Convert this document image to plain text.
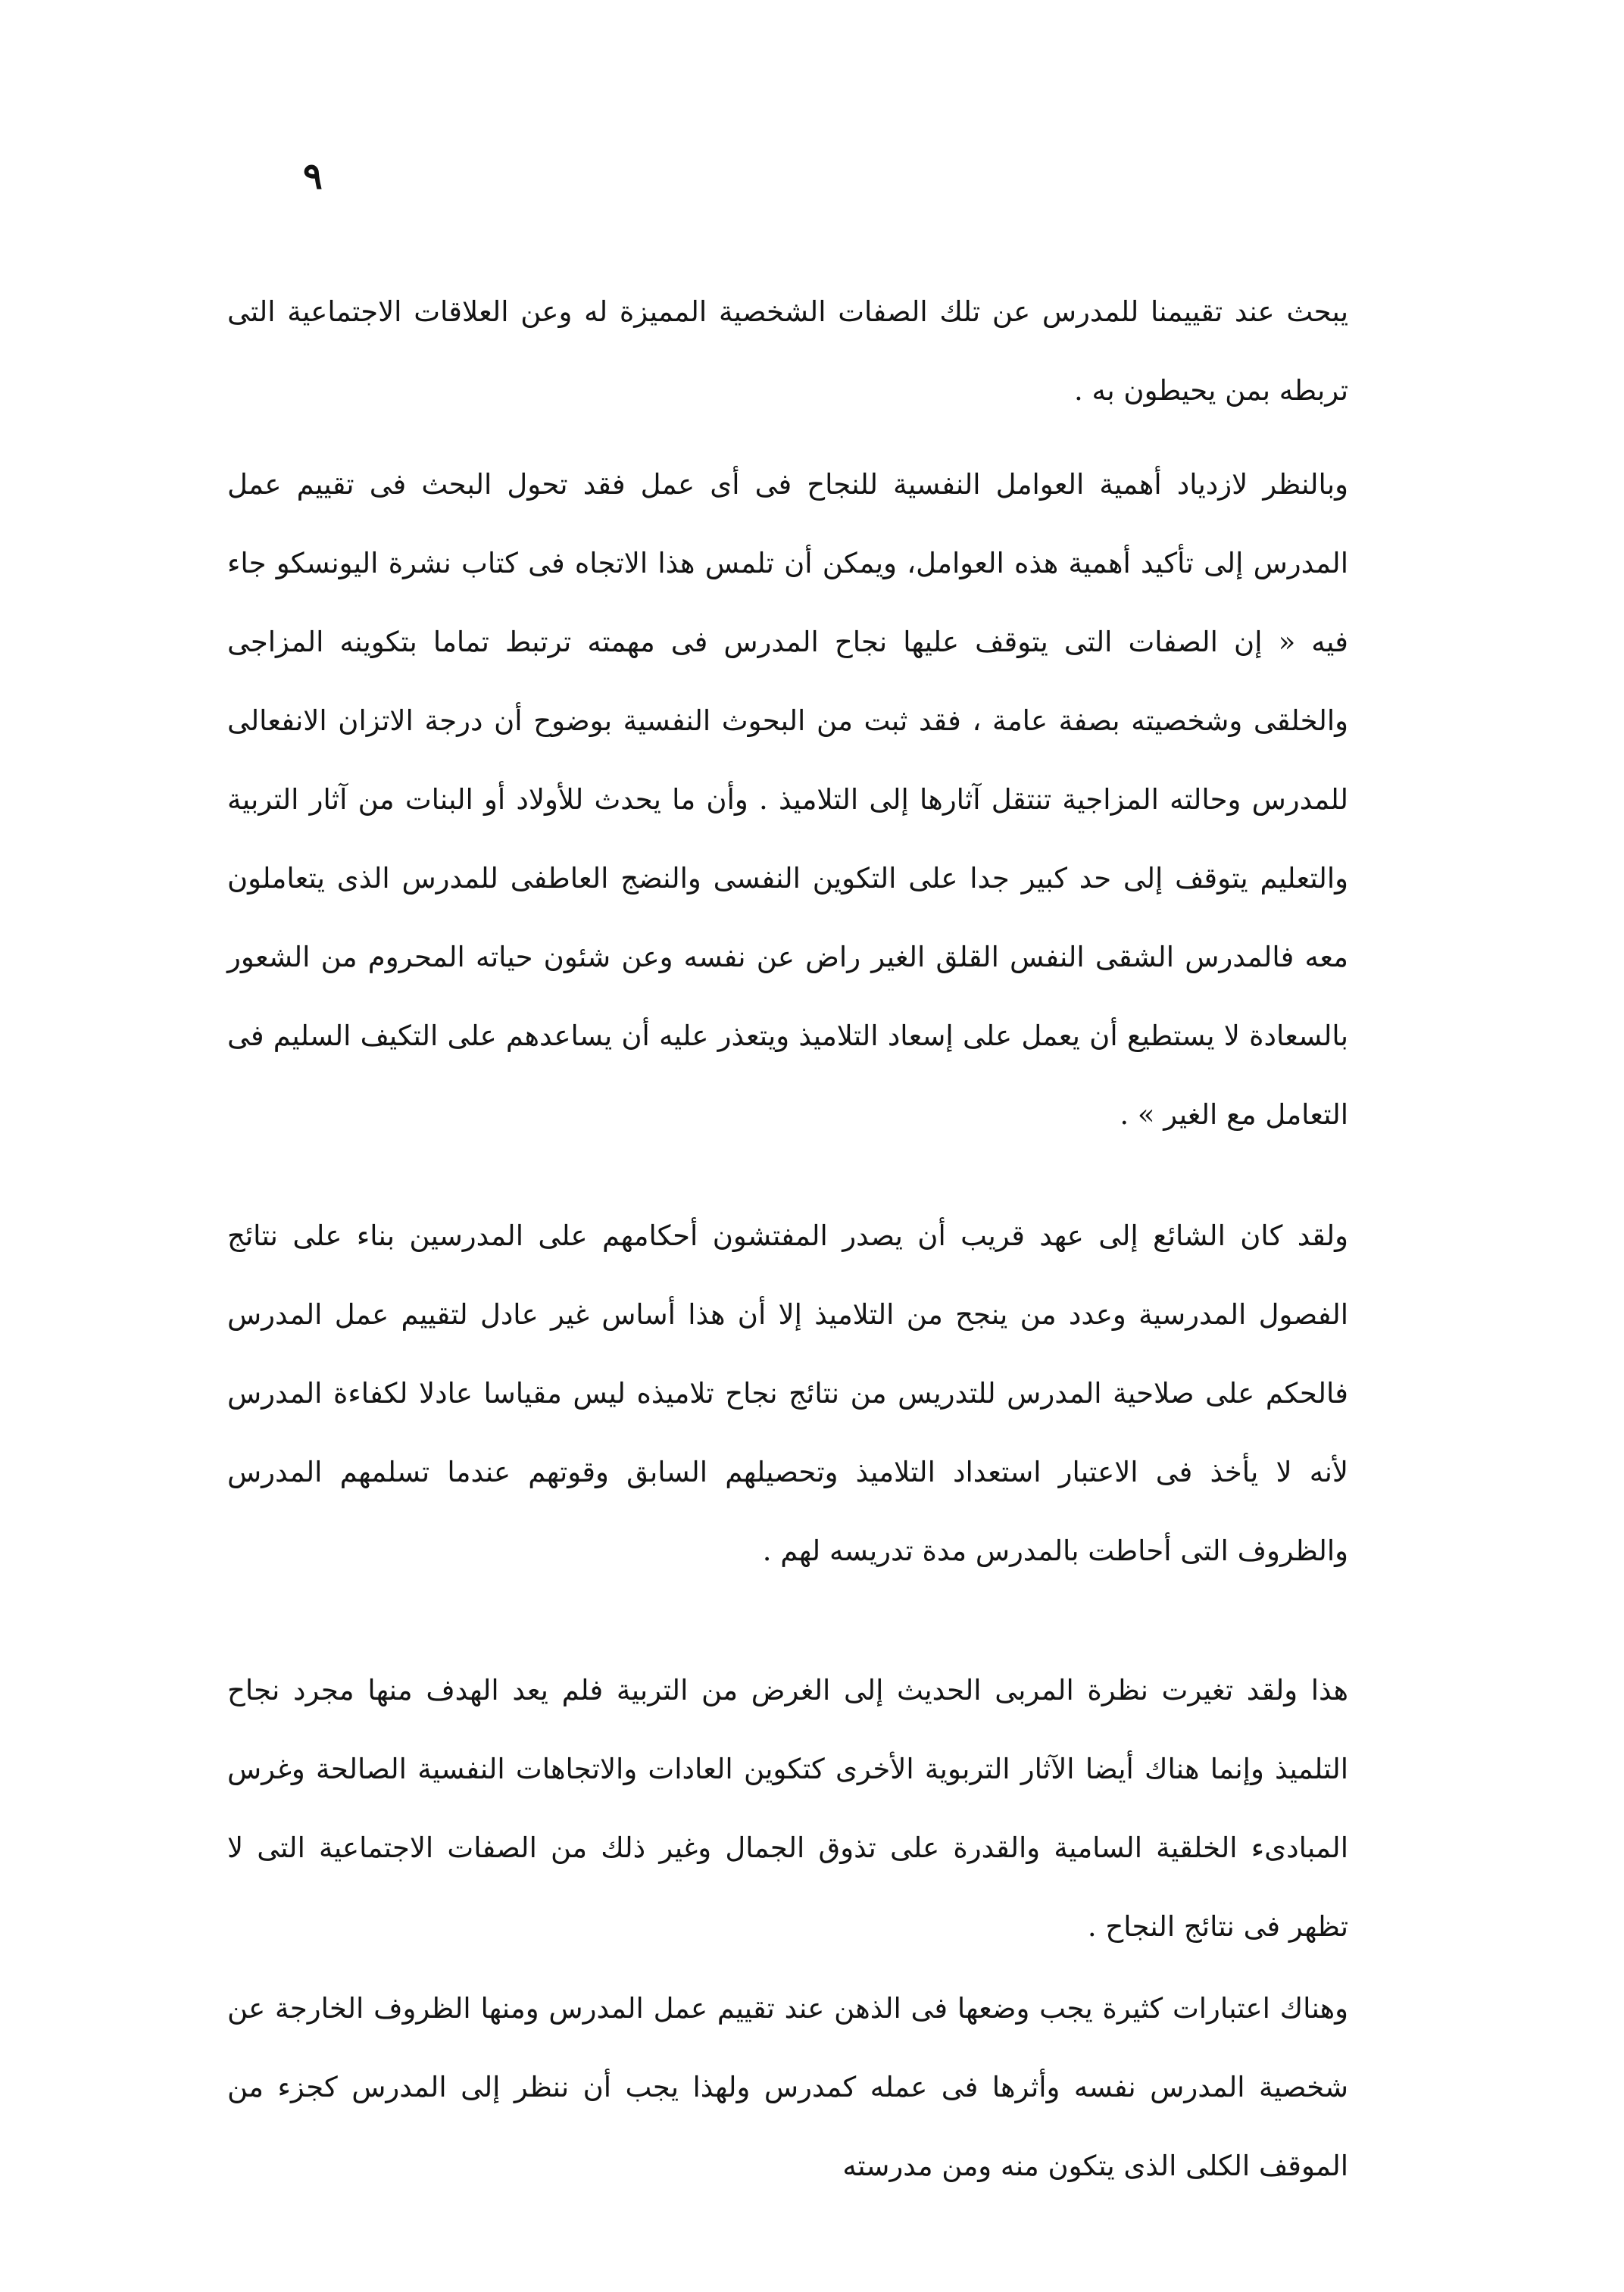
٩

يبحث عند تقييمنا للمدرس عن تلك الصفات الشخصية المميزة له وعن العلاقات الاجتماعية التى تربطه بمن يحيطون به .

وبالنظر لازدياد أهمية العوامل النفسية للنجاح فى أى عمل فقد تحول البحث فى تقييم عمل المدرس إلى تأكيد أهمية هذه العوامل، ويمكن أن تلمس هذا الاتجاه فى كتاب نشرة اليونسكو جاء فيه « إن الصفات التى يتوقف عليها نجاح المدرس فى مهمته ترتبط تماما بتكوينه المزاجى والخلقى وشخصيته بصفة عامة ، فقد ثبت من البحوث النفسية بوضوح أن درجة الاتزان الانفعالى للمدرس وحالته المزاجية تنتقل آثارها إلى التلاميذ . وأن ما يحدث للأولاد أو البنات من آثار التربية والتعليم يتوقف إلى حد كبير جدا على التكوين النفسى والنضج العاطفى للمدرس الذى يتعاملون معه فالمدرس الشقى النفس القلق الغير راض عن نفسه وعن شئون حياته المحروم من الشعور بالسعادة لا يستطيع أن يعمل على إسعاد التلاميذ ويتعذر عليه أن يساعدهم على التكيف السليم فى التعامل مع الغير » .

ولقد كان الشائع إلى عهد قريب أن يصدر المفتشون أحكامهم على المدرسين بناء على نتائج الفصول المدرسية وعدد من ينجح من التلاميذ إلا أن هذا أساس غير عادل لتقييم عمل المدرس فالحكم على صلاحية المدرس للتدريس من نتائج نجاح تلاميذه ليس مقياسا عادلا لكفاءة المدرس لأنه لا يأخذ فى الاعتبار استعداد التلاميذ وتحصيلهم السابق وقوتهم عندما تسلمهم المدرس والظروف التى أحاطت بالمدرس مدة تدريسه لهم .

هذا ولقد تغيرت نظرة المربى الحديث إلى الغرض من التربية فلم يعد الهدف منها مجرد نجاح التلميذ وإنما هناك أيضا الآثار التربوية الأخرى كتكوين العادات والاتجاهات النفسية الصالحة وغرس المبادىء الخلقية السامية والقدرة على تذوق الجمال وغير ذلك من الصفات الاجتماعية التى لا تظهر فى نتائج النجاح .

وهناك اعتبارات كثيرة يجب وضعها فى الذهن عند تقييم عمل المدرس ومنها الظروف الخارجة عن شخصية المدرس نفسه وأثرها فى عمله كمدرس ولهذا يجب أن ننظر إلى المدرس كجزء من الموقف الكلى الذى يتكون منه ومن مدرسته
